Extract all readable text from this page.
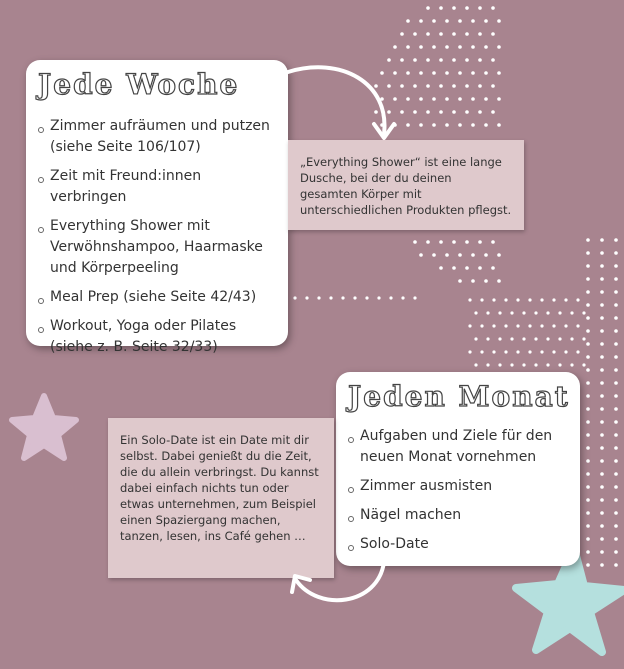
Jede Woche
Zimmer aufräumen und putzen (siehe Seite 106/107)
Zeit mit Freund:innen verbringen
Everything Shower mit Verwöhnshampoo, Haarmaske und Körperpeeling
Meal Prep (siehe Seite 42/43)
Workout, Yoga oder Pilates (siehe z. B. Seite 32/33)
„Everything Shower“ ist eine lange Dusche, bei der du deinen gesamten Körper mit unterschiedlichen Produkten pflegst.
Jeden Monat
Aufgaben und Ziele für den neuen Monat vornehmen
Zimmer ausmisten
Nägel machen
Solo-Date
Ein Solo-Date ist ein Date mit dir selbst. Dabei genießt du die Zeit, die du allein verbringst. Du kannst dabei einfach nichts tun oder etwas unternehmen, zum Beispiel einen Spaziergang machen, tanzen, lesen, ins Café gehen …
